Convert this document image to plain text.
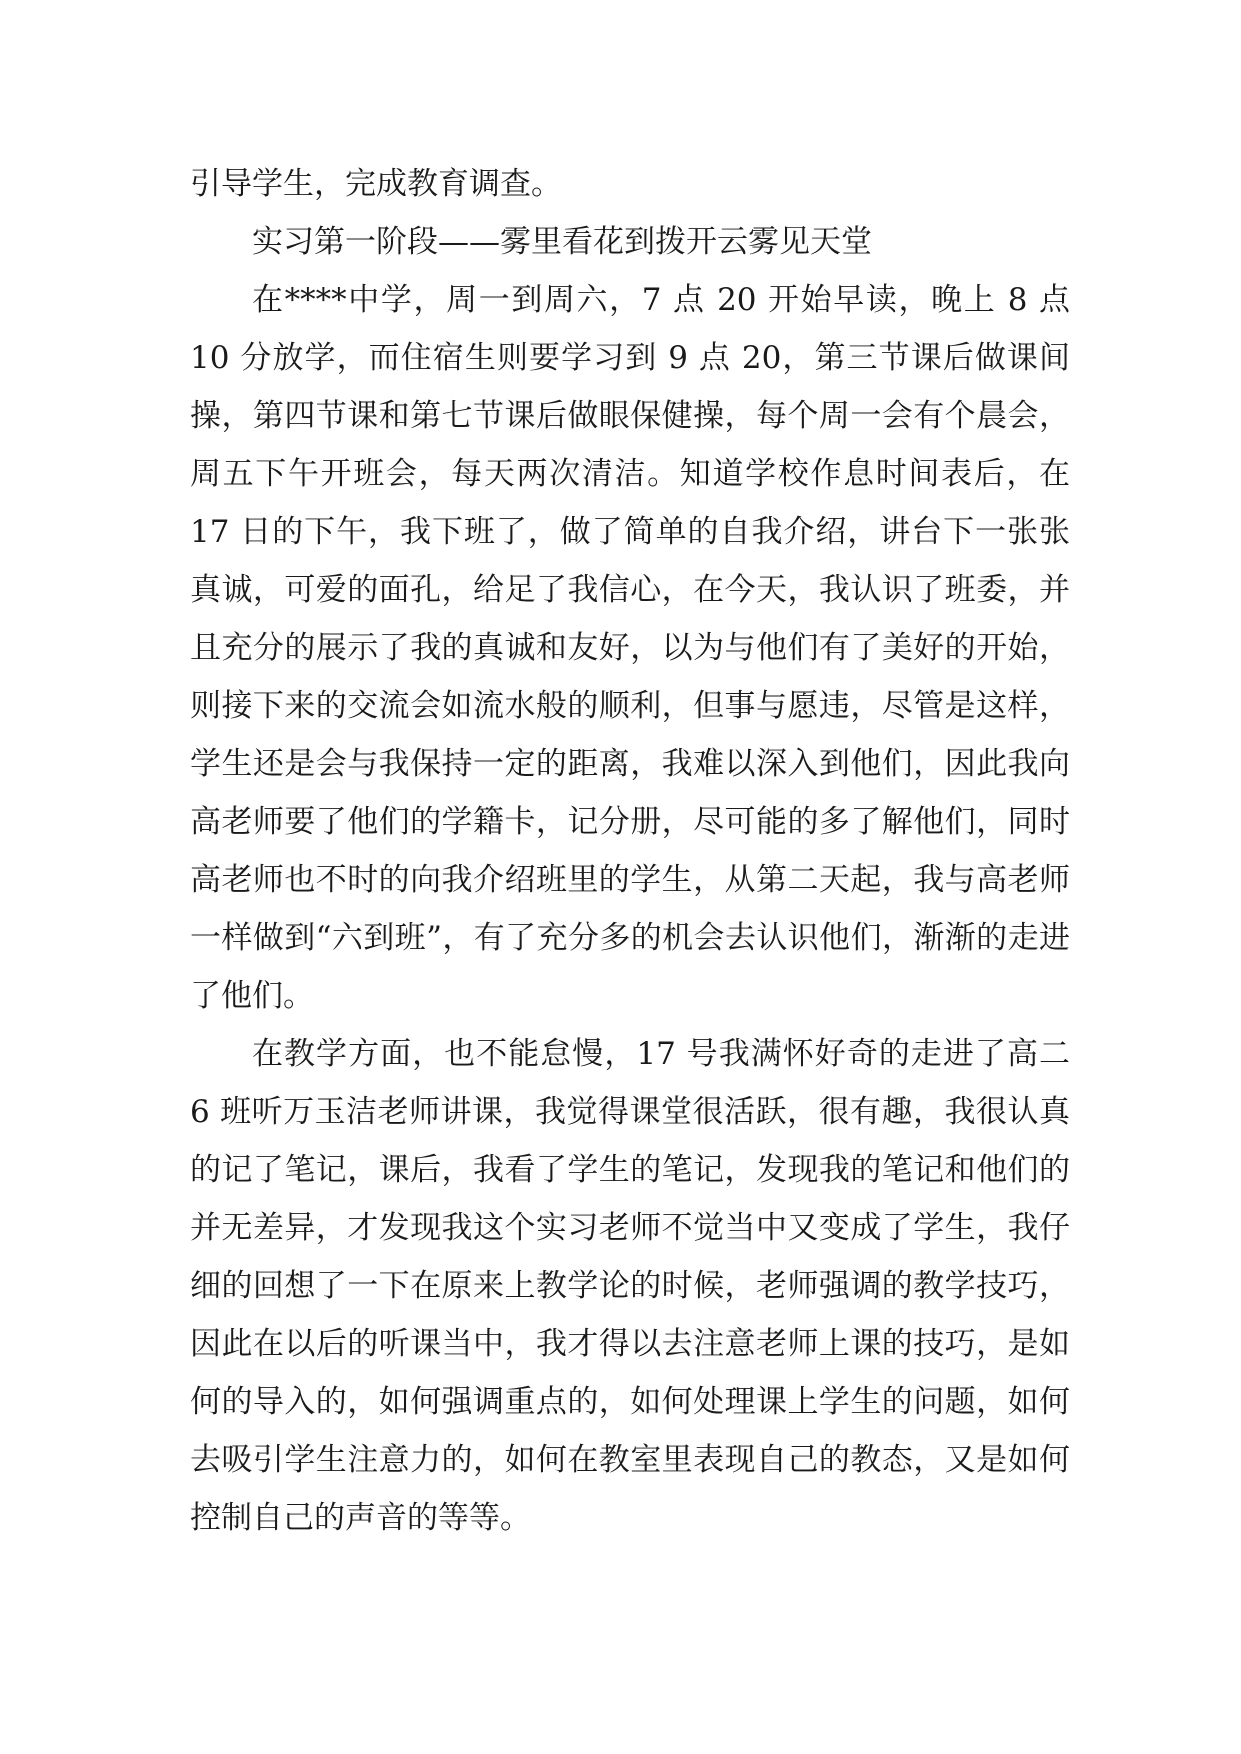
引导学生，完成教育调查。

实习第一阶段——雾里看花到拨开云雾见天堂

在****中学，周一到周六，7 点 20 开始早读，晚上 8 点 10 分放学，而住宿生则要学习到 9 点 20，第三节课后做课间操，第四节课和第七节课后做眼保健操，每个周一会有个晨会，周五下午开班会，每天两次清洁。知道学校作息时间表后，在 17 日的下午，我下班了，做了简单的自我介绍，讲台下一张张真诚，可爱的面孔，给足了我信心，在今天，我认识了班委，并且充分的展示了我的真诚和友好，以为与他们有了美好的开始，则接下来的交流会如流水般的顺利，但事与愿违，尽管是这样，学生还是会与我保持一定的距离，我难以深入到他们，因此我向高老师要了他们的学籍卡，记分册，尽可能的多了解他们，同时高老师也不时的向我介绍班里的学生，从第二天起，我与高老师一样做到“六到班”，有了充分多的机会去认识他们，渐渐的走进了他们。

在教学方面，也不能怠慢，17 号我满怀好奇的走进了高二 6 班听万玉洁老师讲课，我觉得课堂很活跃，很有趣，我很认真的记了笔记，课后，我看了学生的笔记，发现我的笔记和他们的并无差异，才发现我这个实习老师不觉当中又变成了学生，我仔细的回想了一下在原来上教学论的时候，老师强调的教学技巧，因此在以后的听课当中，我才得以去注意老师上课的技巧，是如何的导入的，如何强调重点的，如何处理课上学生的问题，如何去吸引学生注意力的，如何在教室里表现自己的教态，又是如何控制自己的声音的等等。
